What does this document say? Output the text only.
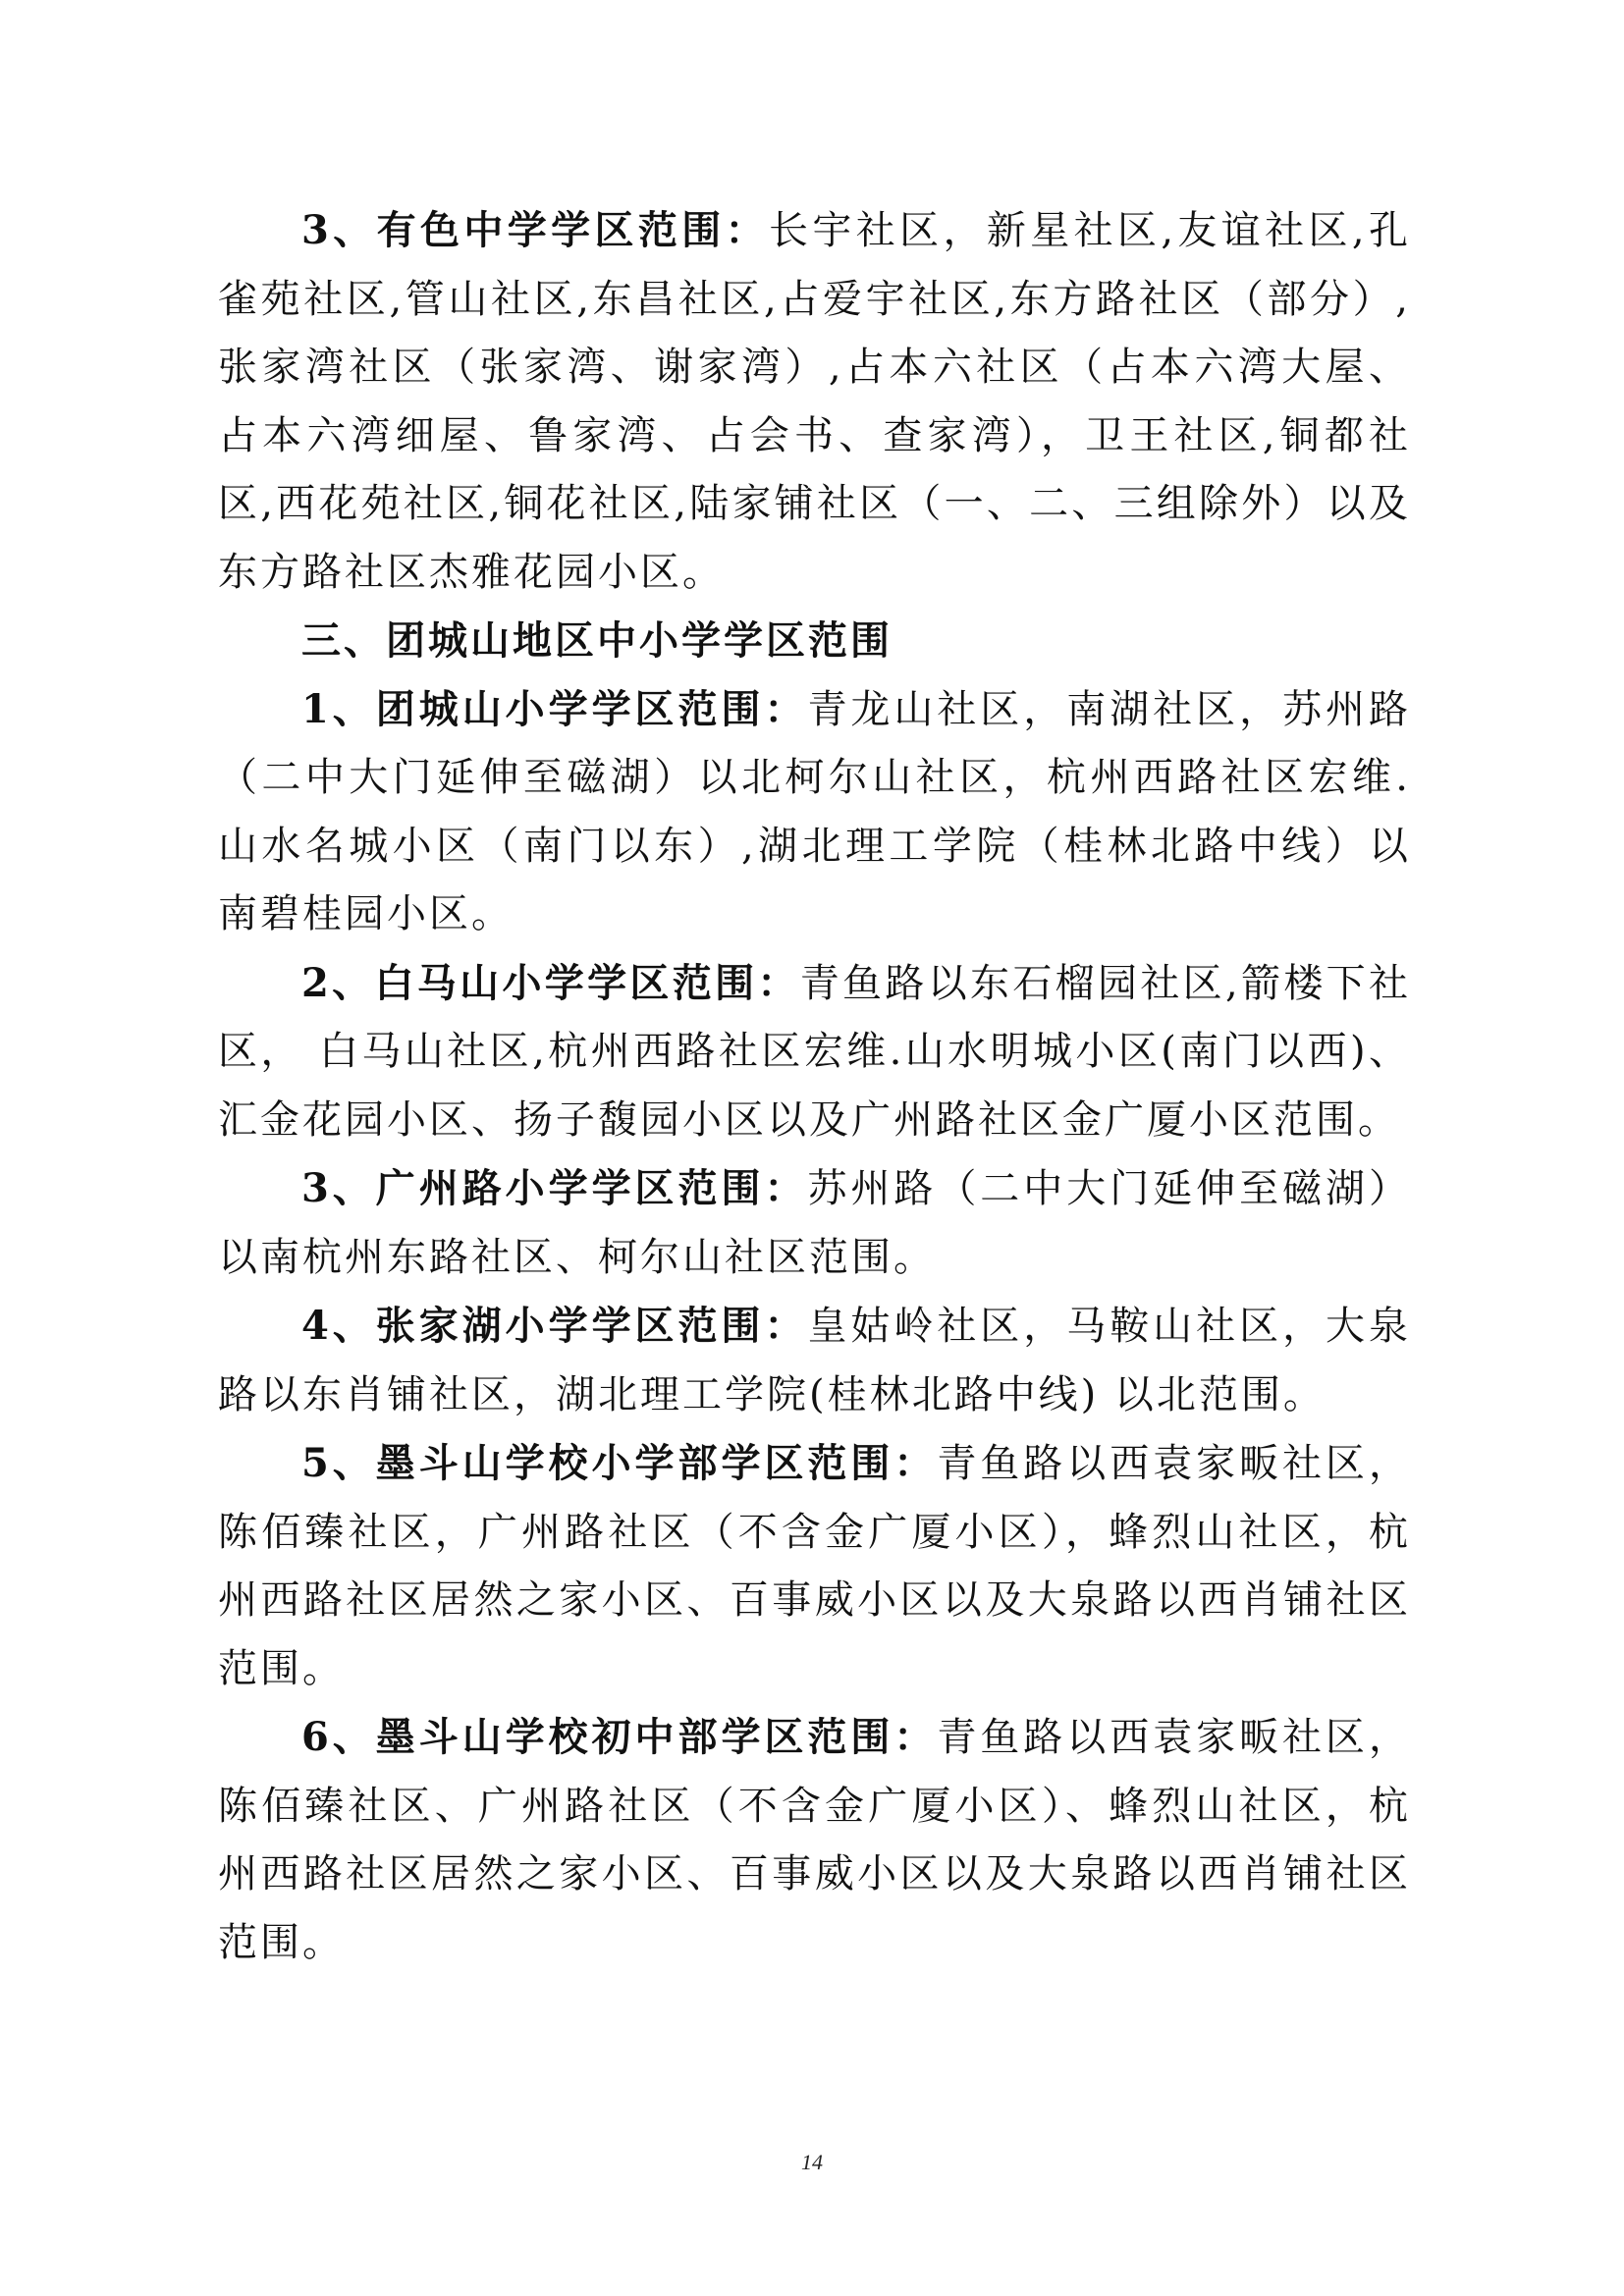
3、有色中学学区范围：长宇社区，新星社区,友谊社区,孔雀苑社区,管山社区,东昌社区,占爱宇社区,东方路社区（部分）,张家湾社区（张家湾、谢家湾）,占本六社区（占本六湾大屋、占本六湾细屋、鲁家湾、占会书、查家湾），卫王社区,铜都社区,西花苑社区,铜花社区,陆家铺社区（一、二、三组除外）以及东方路社区杰雅花园小区。

三、团城山地区中小学学区范围

1、团城山小学学区范围：青龙山社区，南湖社区，苏州路（二中大门延伸至磁湖）以北柯尔山社区，杭州西路社区宏维.山水名城小区（南门以东）,湖北理工学院（桂林北路中线）以南碧桂园小区。

2、白马山小学学区范围：青鱼路以东石榴园社区,箭楼下社区， 白马山社区,杭州西路社区宏维.山水明城小区(南门以西)、汇金花园小区、扬子馥园小区以及广州路社区金广厦小区范围。

3、广州路小学学区范围：苏州路（二中大门延伸至磁湖）以南杭州东路社区、柯尔山社区范围。

4、张家湖小学学区范围：皇姑岭社区，马鞍山社区，大泉路以东肖铺社区，湖北理工学院(桂林北路中线) 以北范围。

5、墨斗山学校小学部学区范围：青鱼路以西袁家畈社区，陈佰臻社区，广州路社区（不含金广厦小区），蜂烈山社区，杭州西路社区居然之家小区、百事威小区以及大泉路以西肖铺社区范围。

6、墨斗山学校初中部学区范围：青鱼路以西袁家畈社区，陈佰臻社区、广州路社区（不含金广厦小区）、蜂烈山社区，杭州西路社区居然之家小区、百事威小区以及大泉路以西肖铺社区范围。

14
